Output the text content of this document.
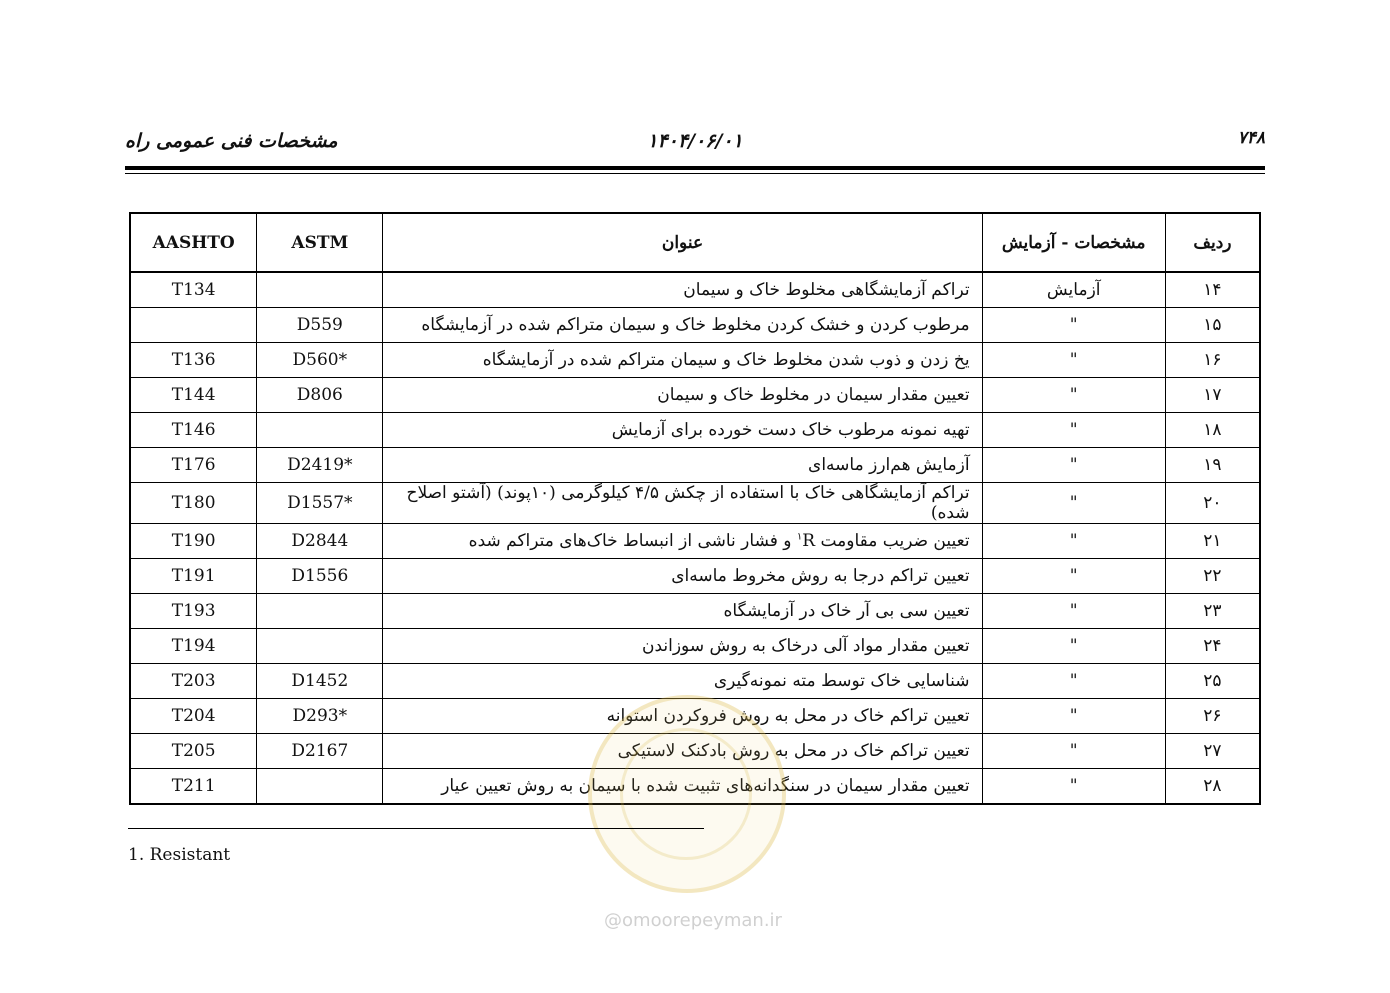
مشخصات فنی عمومی راه	۱۴۰۴/۰۶/۰۱	۷۴۸
AASHTO	ASTM	عنوان	مشخصات - آزمایش	ردیف
T134		تراکم آزمایشگاهی مخلوط خاک و سیمان	آزمایش	۱۴
	D559	مرطوب کردن و خشک کردن مخلوط خاک و سیمان متراکم شده در آزمایشگاه	"	۱۵
T136	D560*	یخ زدن و ذوب شدن مخلوط خاک و سیمان متراکم شده در آزمایشگاه	"	۱۶
T144	D806	تعیین مقدار سیمان در مخلوط خاک و سیمان	"	۱۷
T146		تهیه نمونه مرطوب خاک دست خورده برای آزمایش	"	۱۸
T176	D2419*	آزمایش هم‌ارز ماسه‌ای	"	۱۹
T180	D1557*	تراکم آزمایشگاهی خاک با استفاده از چکش ۴/۵ کیلوگرمی (۱۰پوند) (آشتو اصلاح شده)	"	۲۰
T190	D2844	تعیین ضریب مقاومت $R^۱$ و فشار ناشی از انبساط خاک‌های متراکم شده	"	۲۱
T191	D1556	تعیین تراکم درجا به روش مخروط ماسه‌ای	"	۲۲
T193		تعیین سی بی آر خاک در آزمایشگاه	"	۲۳
T194		تعیین مقدار مواد آلی درخاک به روش سوزاندن	"	۲۴
T203	D1452	شناسایی خاک توسط مته نمونه‌گیری	"	۲۵
T204	D293*	تعیین تراکم خاک در محل به روش فروکردن استوانه	"	۲۶
T205	D2167	تعیین تراکم خاک در محل به روش بادکنک لاستیکی	"	۲۷
T211		تعیین مقدار سیمان در سنگدانه‌های تثبیت شده با سیمان به روش تعیین عیار	"	۲۸
@omoorepeyman.ir
1. Resistant
